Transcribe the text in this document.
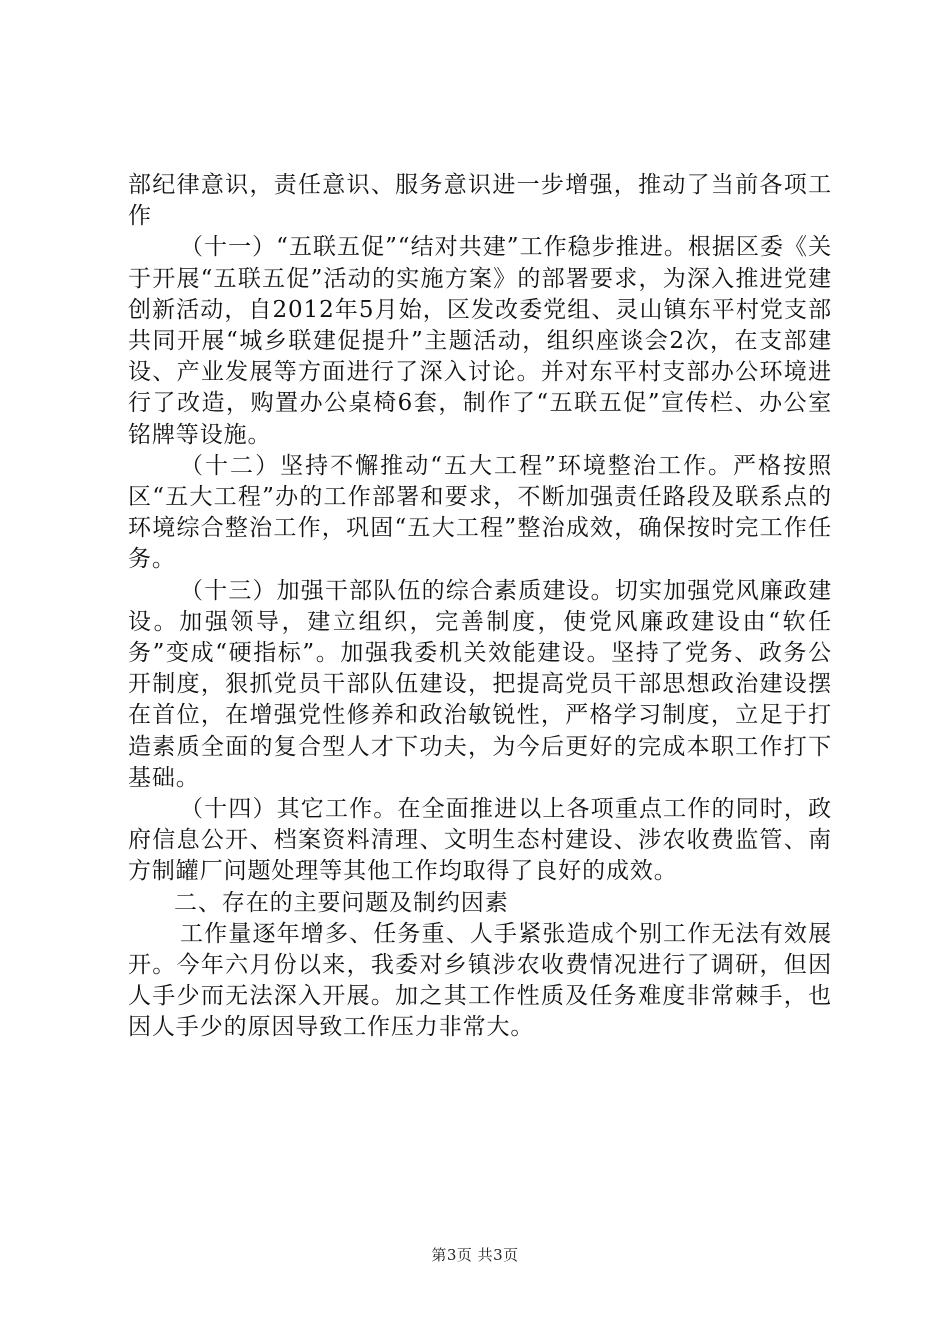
部纪律意识，责任意识、服务意识进一步增强，推动了当前各项工作

（十一）“五联五促”“结对共建”工作稳步推进。根据区委《关于开展“五联五促”活动的实施方案》的部署要求，为深入推进党建创新活动，自2012年5月始，区发改委党组、灵山镇东平村党支部共同开展“城乡联建促提升”主题活动，组织座谈会2次，在支部建设、产业发展等方面进行了深入讨论。并对东平村支部办公环境进行了改造，购置办公桌椅6套，制作了“五联五促”宣传栏、办公室铭牌等设施。

（十二）坚持不懈推动“五大工程”环境整治工作。严格按照区“五大工程”办的工作部署和要求，不断加强责任路段及联系点的环境综合整治工作，巩固“五大工程”整治成效，确保按时完工作任务。

（十三）加强干部队伍的综合素质建设。切实加强党风廉政建设。加强领导，建立组织，完善制度，使党风廉政建设由“软任务”变成“硬指标”。加强我委机关效能建设。坚持了党务、政务公开制度，狠抓党员干部队伍建设，把提高党员干部思想政治建设摆在首位，在增强党性修养和政治敏锐性，严格学习制度，立足于打造素质全面的复合型人才下功夫，为今后更好的完成本职工作打下基础。

（十四）其它工作。在全面推进以上各项重点工作的同时，政府信息公开、档案资料清理、文明生态村建设、涉农收费监管、南方制罐厂问题处理等其他工作均取得了良好的成效。

二、存在的主要问题及制约因素

工作量逐年增多、任务重、人手紧张造成个别工作无法有效展开。今年六月份以来，我委对乡镇涉农收费情况进行了调研，但因人手少而无法深入开展。加之其工作性质及任务难度非常棘手，也因人手少的原因导致工作压力非常大。

第3页 共3页
